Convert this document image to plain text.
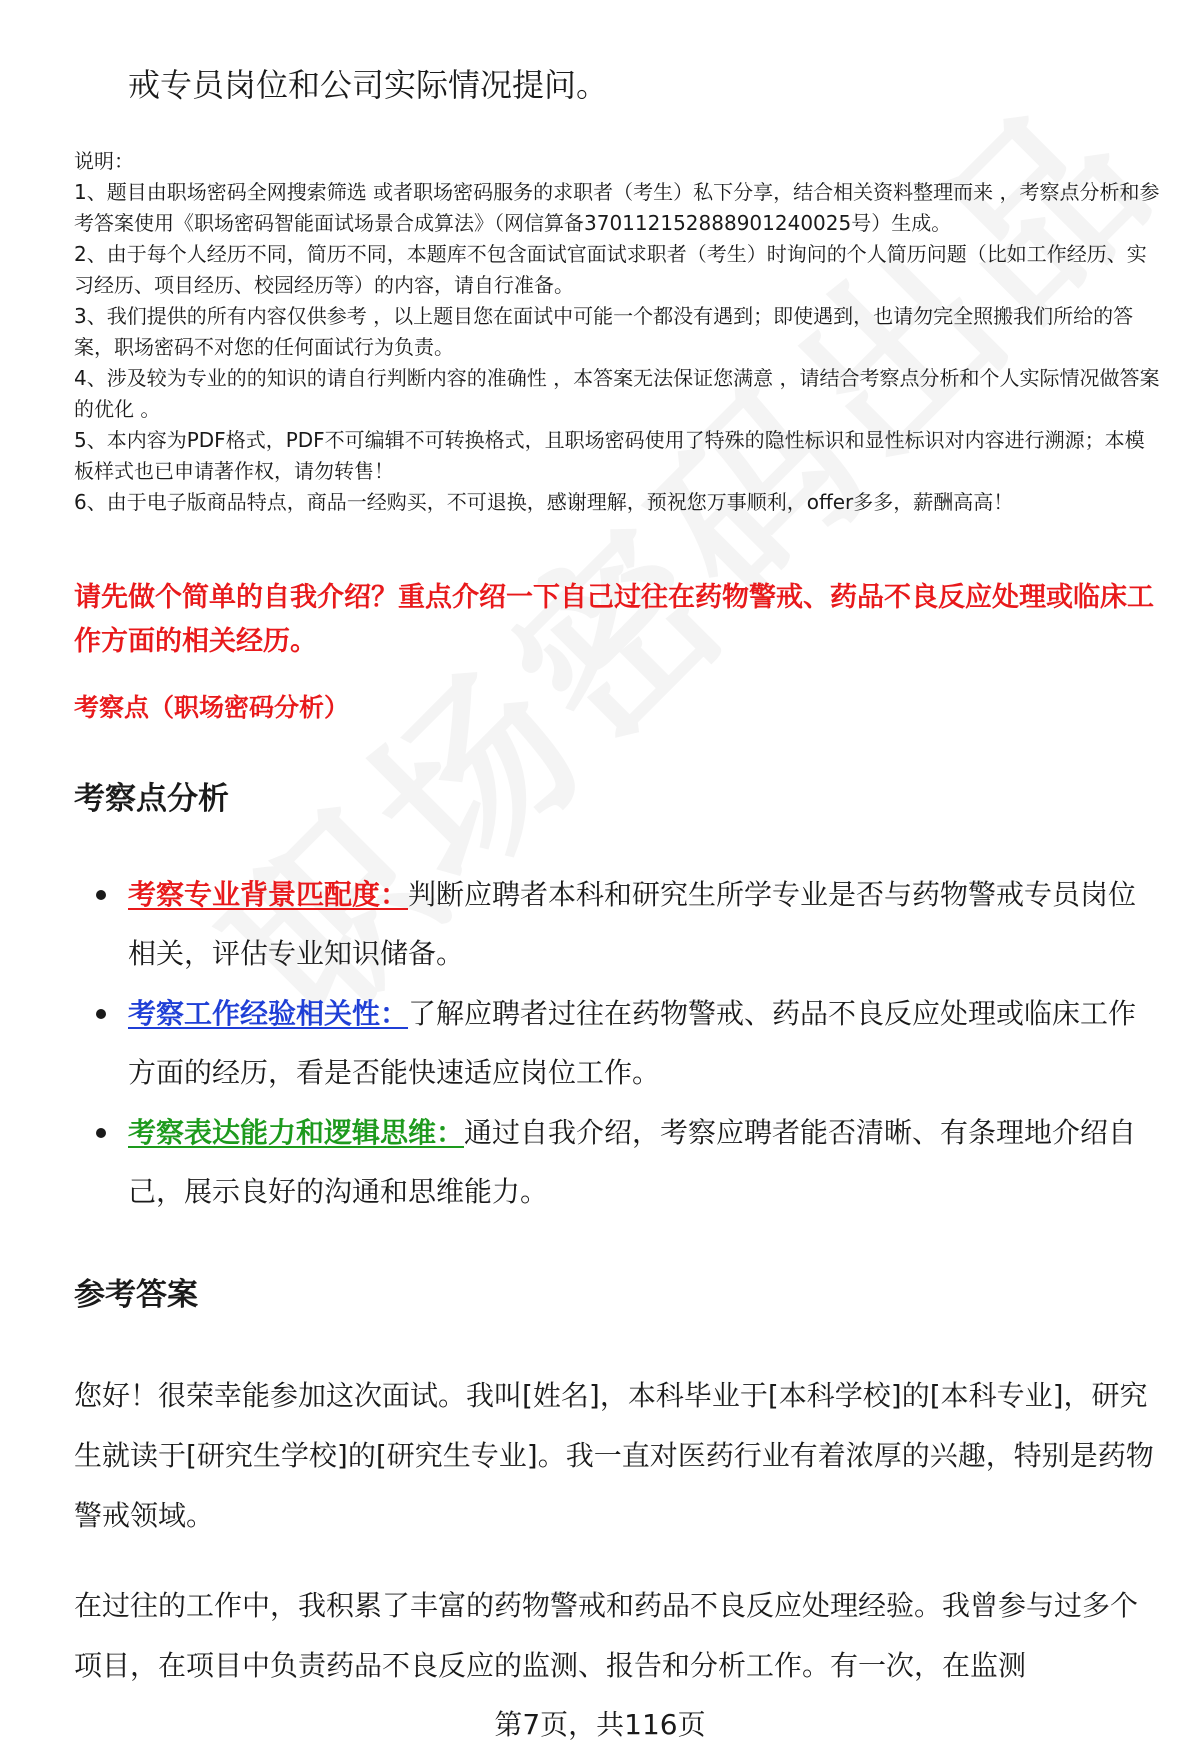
戒专员岗位和公司实际情况提问。

说明：

1、题目由职场密码全网搜索筛选 或者职场密码服务的求职者（考生）私下分享，结合相关资料整理而来 ，考察点分析和参考答案使用《职场密码智能面试场景合成算法》（网信算备370112152888901240025号）生成。

2、由于每个人经历不同，简历不同，本题库不包含面试官面试求职者（考生）时询问的个人简历问题（比如工作经历、实习经历、项目经历、校园经历等）的内容，请自行准备。

3、我们提供的所有内容仅供参考 ，以上题目您在面试中可能一个都没有遇到；即使遇到，也请勿完全照搬我们所给的答案，职场密码不对您的任何面试行为负责。

4、涉及较为专业的的知识的请自行判断内容的准确性 ，本答案无法保证您满意 ，请结合考察点分析和个人实际情况做答案的优化 。

5、本内容为PDF格式，PDF不可编辑不可转换格式，且职场密码使用了特殊的隐性标识和显性标识对内容进行溯源；本模板样式也已申请著作权，请勿转售！

6、由于电子版商品特点，商品一经购买，不可退换，感谢理解，预祝您万事顺利，offer多多，薪酬高高！

请先做个简单的自我介绍？重点介绍一下自己过往在药物警戒、药品不良反应处理或临床工作方面的相关经历。

考察点（职场密码分析）

考察点分析
考察专业背景匹配度：判断应聘者本科和研究生所学专业是否与药物警戒专员岗位相关，评估专业知识储备。
考察工作经验相关性：了解应聘者过往在药物警戒、药品不良反应处理或临床工作方面的经历，看是否能快速适应岗位工作。
考察表达能力和逻辑思维：通过自我介绍，考察应聘者能否清晰、有条理地介绍自己，展示良好的沟通和思维能力。
参考答案

您好！很荣幸能参加这次面试。我叫[姓名]，本科毕业于[本科学校]的[本科专业]，研究生就读于[研究生学校]的[研究生专业]。我一直对医药行业有着浓厚的兴趣，特别是药物警戒领域。

在过往的工作中，我积累了丰富的药物警戒和药品不良反应处理经验。我曾参与过多个项目，在项目中负责药品不良反应的监测、报告和分析工作。有一次，在监测

第7页，共116页
